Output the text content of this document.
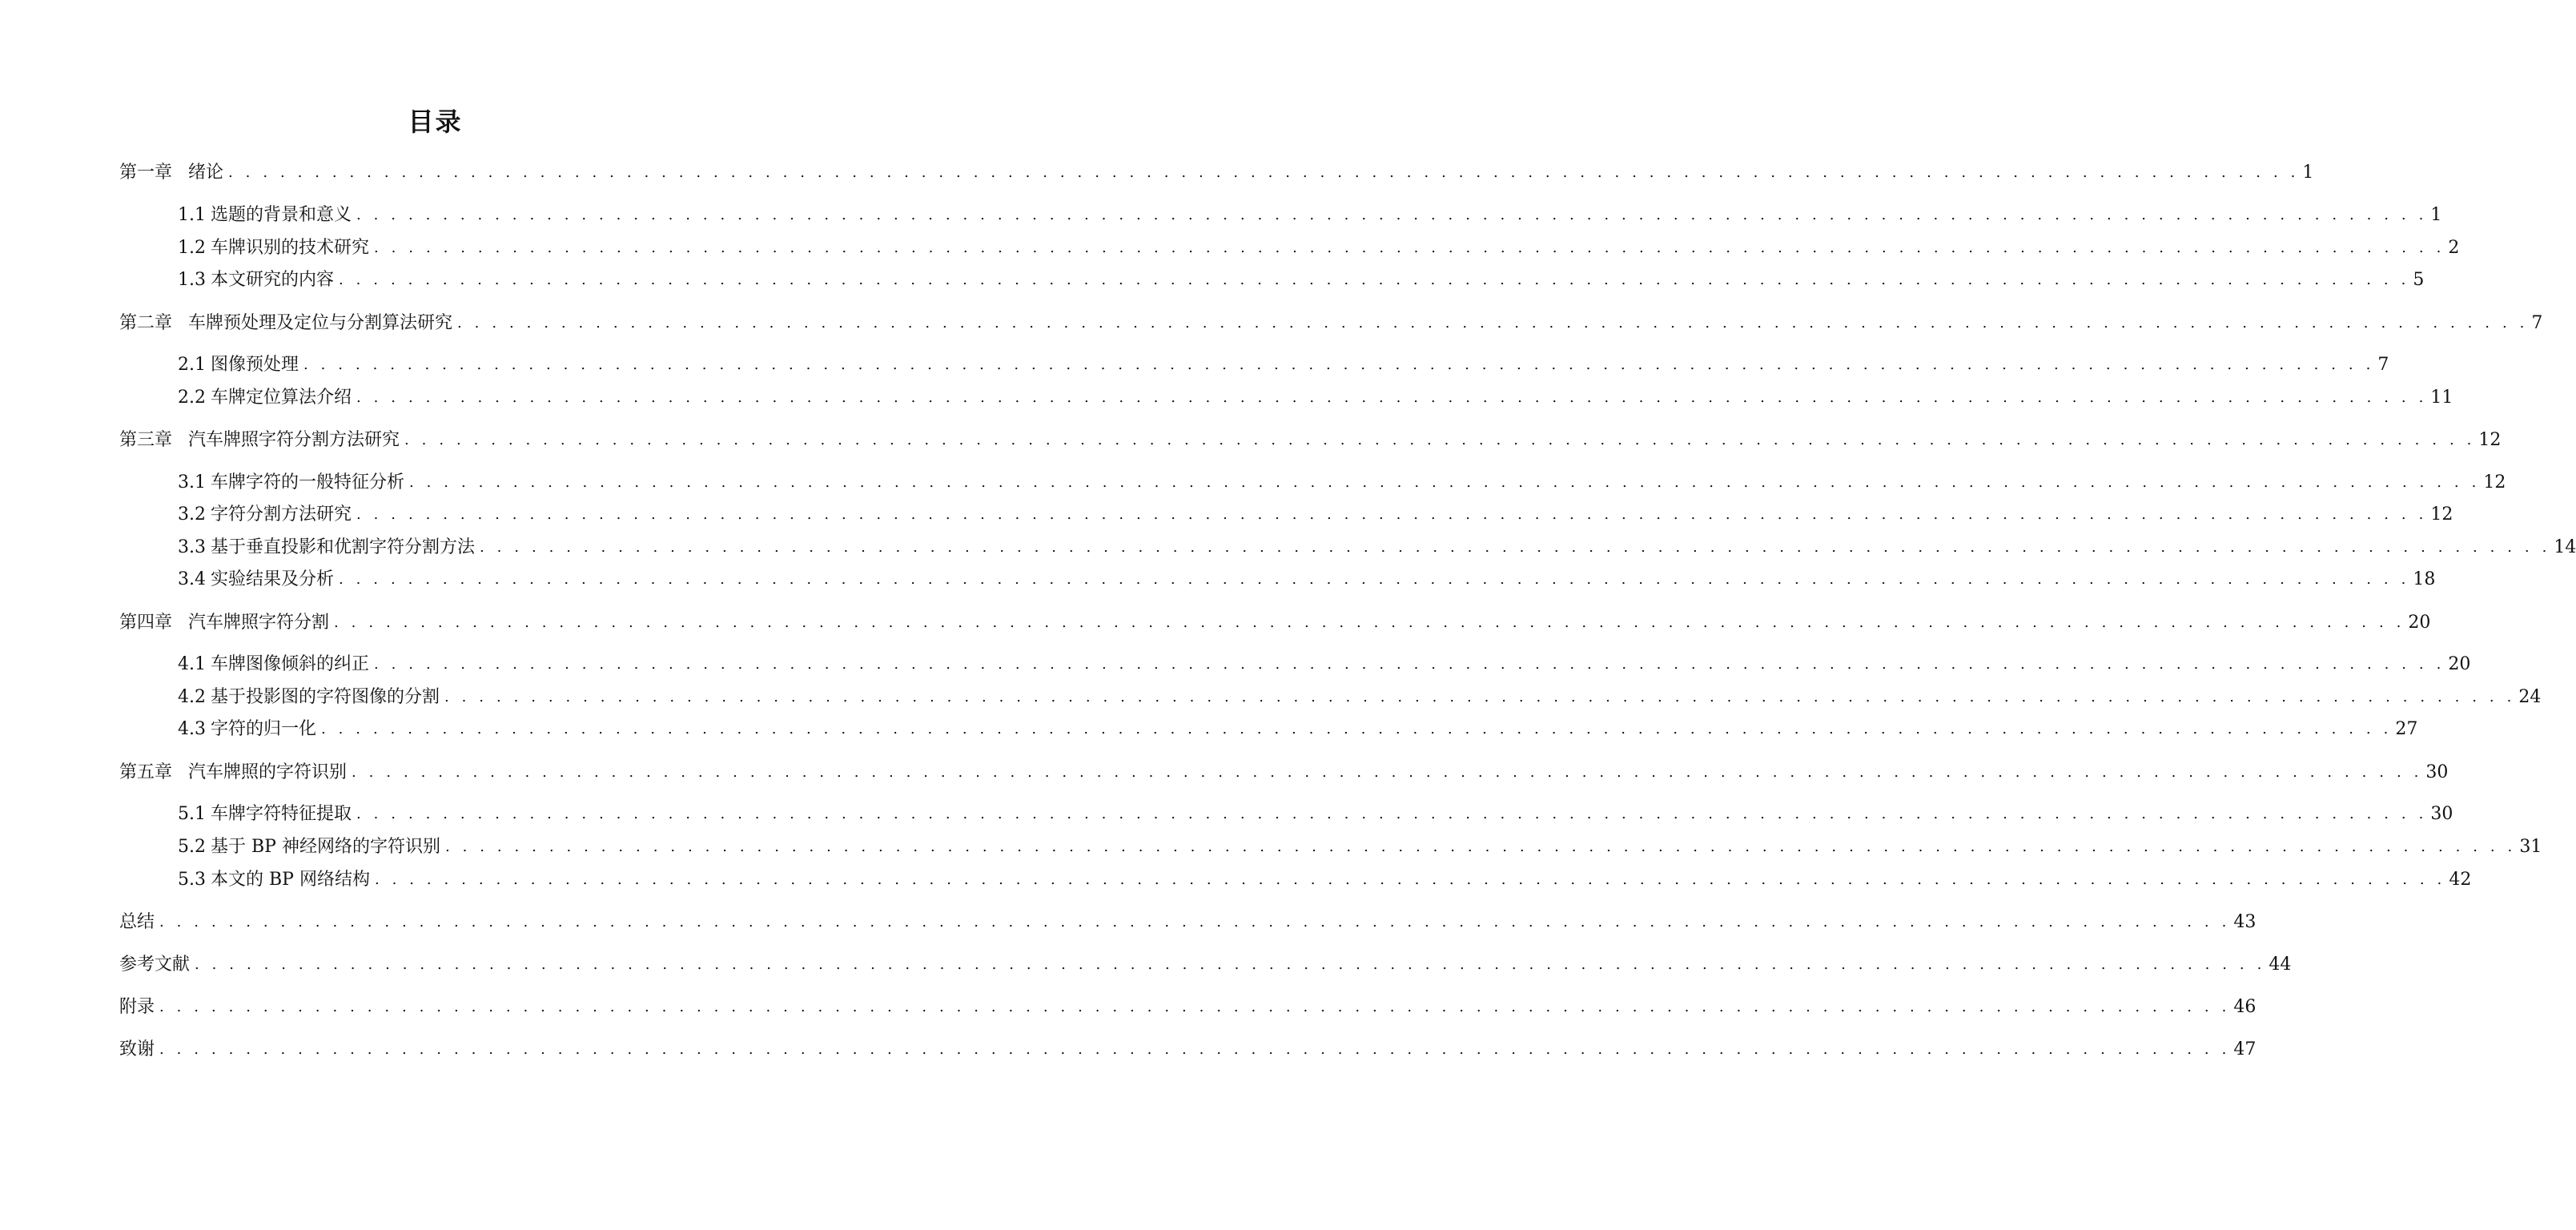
目录
第一章 绪论 . . . . . . . . . . . . . . . . . . . . . . . . . . . . . . . . . . . . . . . . . . . . . . . . . . . . . . . . . . . . . . . . . . . . . . . . . . . . . . . . . . . . . . . . . . . . . . . . . . . . . . . . . . . . . . . . . . . . . . . . 1
1.1 选题的背景和意义 . . . . . . . . . . . . . . . . . . . . . . . . . . . . . . . . . . . . . . . . . . . . . . . . . . . . . . . . . . . . . . . . . . . . . . . . . . . . . . . . . . . . . . . . . . . . . . . . . . . . . . . . . . . . . . . . . . . . . . . . 1
1.2 车牌识别的技术研究 . . . . . . . . . . . . . . . . . . . . . . . . . . . . . . . . . . . . . . . . . . . . . . . . . . . . . . . . . . . . . . . . . . . . . . . . . . . . . . . . . . . . . . . . . . . . . . . . . . . . . . . . . . . . . . . . . . . . . . . . 2
1.3 本文研究的内容 . . . . . . . . . . . . . . . . . . . . . . . . . . . . . . . . . . . . . . . . . . . . . . . . . . . . . . . . . . . . . . . . . . . . . . . . . . . . . . . . . . . . . . . . . . . . . . . . . . . . . . . . . . . . . . . . . . . . . . . . 5
第二章 车牌预处理及定位与分割算法研究 . . . . . . . . . . . . . . . . . . . . . . . . . . . . . . . . . . . . . . . . . . . . . . . . . . . . . . . . . . . . . . . . . . . . . . . . . . . . . . . . . . . . . . . . . . . . . . . . . . . . . . . . . . . . . . . . . . . . . . . . 7
2.1 图像预处理 . . . . . . . . . . . . . . . . . . . . . . . . . . . . . . . . . . . . . . . . . . . . . . . . . . . . . . . . . . . . . . . . . . . . . . . . . . . . . . . . . . . . . . . . . . . . . . . . . . . . . . . . . . . . . . . . . . . . . . . . 7
2.2 车牌定位算法介绍 . . . . . . . . . . . . . . . . . . . . . . . . . . . . . . . . . . . . . . . . . . . . . . . . . . . . . . . . . . . . . . . . . . . . . . . . . . . . . . . . . . . . . . . . . . . . . . . . . . . . . . . . . . . . . . . . . . . . . . . . 11
第三章 汽车牌照字符分割方法研究 . . . . . . . . . . . . . . . . . . . . . . . . . . . . . . . . . . . . . . . . . . . . . . . . . . . . . . . . . . . . . . . . . . . . . . . . . . . . . . . . . . . . . . . . . . . . . . . . . . . . . . . . . . . . . . . . . . . . . . . . 12
3.1 车牌字符的一般特征分析 . . . . . . . . . . . . . . . . . . . . . . . . . . . . . . . . . . . . . . . . . . . . . . . . . . . . . . . . . . . . . . . . . . . . . . . . . . . . . . . . . . . . . . . . . . . . . . . . . . . . . . . . . . . . . . . . . . . . . . . . 12
3.2 字符分割方法研究 . . . . . . . . . . . . . . . . . . . . . . . . . . . . . . . . . . . . . . . . . . . . . . . . . . . . . . . . . . . . . . . . . . . . . . . . . . . . . . . . . . . . . . . . . . . . . . . . . . . . . . . . . . . . . . . . . . . . . . . . 12
3.3 基于垂直投影和优割字符分割方法 . . . . . . . . . . . . . . . . . . . . . . . . . . . . . . . . . . . . . . . . . . . . . . . . . . . . . . . . . . . . . . . . . . . . . . . . . . . . . . . . . . . . . . . . . . . . . . . . . . . . . . . . . . . . . . . . . . . . . . . . 14
3.4 实验结果及分析 . . . . . . . . . . . . . . . . . . . . . . . . . . . . . . . . . . . . . . . . . . . . . . . . . . . . . . . . . . . . . . . . . . . . . . . . . . . . . . . . . . . . . . . . . . . . . . . . . . . . . . . . . . . . . . . . . . . . . . . . 18
第四章 汽车牌照字符分割 . . . . . . . . . . . . . . . . . . . . . . . . . . . . . . . . . . . . . . . . . . . . . . . . . . . . . . . . . . . . . . . . . . . . . . . . . . . . . . . . . . . . . . . . . . . . . . . . . . . . . . . . . . . . . . . . . . . . . . . . 20
4.1 车牌图像倾斜的纠正 . . . . . . . . . . . . . . . . . . . . . . . . . . . . . . . . . . . . . . . . . . . . . . . . . . . . . . . . . . . . . . . . . . . . . . . . . . . . . . . . . . . . . . . . . . . . . . . . . . . . . . . . . . . . . . . . . . . . . . . . 20
4.2 基于投影图的字符图像的分割 . . . . . . . . . . . . . . . . . . . . . . . . . . . . . . . . . . . . . . . . . . . . . . . . . . . . . . . . . . . . . . . . . . . . . . . . . . . . . . . . . . . . . . . . . . . . . . . . . . . . . . . . . . . . . . . . . . . . . . . . 24
4.3 字符的归一化 . . . . . . . . . . . . . . . . . . . . . . . . . . . . . . . . . . . . . . . . . . . . . . . . . . . . . . . . . . . . . . . . . . . . . . . . . . . . . . . . . . . . . . . . . . . . . . . . . . . . . . . . . . . . . . . . . . . . . . . . 27
第五章 汽车牌照的字符识别 . . . . . . . . . . . . . . . . . . . . . . . . . . . . . . . . . . . . . . . . . . . . . . . . . . . . . . . . . . . . . . . . . . . . . . . . . . . . . . . . . . . . . . . . . . . . . . . . . . . . . . . . . . . . . . . . . . . . . . . . 30
5.1 车牌字符特征提取 . . . . . . . . . . . . . . . . . . . . . . . . . . . . . . . . . . . . . . . . . . . . . . . . . . . . . . . . . . . . . . . . . . . . . . . . . . . . . . . . . . . . . . . . . . . . . . . . . . . . . . . . . . . . . . . . . . . . . . . . 30
5.2 基于 BP 神经网络的字符识别 . . . . . . . . . . . . . . . . . . . . . . . . . . . . . . . . . . . . . . . . . . . . . . . . . . . . . . . . . . . . . . . . . . . . . . . . . . . . . . . . . . . . . . . . . . . . . . . . . . . . . . . . . . . . . . . . . . . . . . . . 31
5.3 本文的 BP 网络结构 . . . . . . . . . . . . . . . . . . . . . . . . . . . . . . . . . . . . . . . . . . . . . . . . . . . . . . . . . . . . . . . . . . . . . . . . . . . . . . . . . . . . . . . . . . . . . . . . . . . . . . . . . . . . . . . . . . . . . . . . 42
总结 . . . . . . . . . . . . . . . . . . . . . . . . . . . . . . . . . . . . . . . . . . . . . . . . . . . . . . . . . . . . . . . . . . . . . . . . . . . . . . . . . . . . . . . . . . . . . . . . . . . . . . . . . . . . . . . . . . . . . . . . 43
参考文献 . . . . . . . . . . . . . . . . . . . . . . . . . . . . . . . . . . . . . . . . . . . . . . . . . . . . . . . . . . . . . . . . . . . . . . . . . . . . . . . . . . . . . . . . . . . . . . . . . . . . . . . . . . . . . . . . . . . . . . . . 44
附录 . . . . . . . . . . . . . . . . . . . . . . . . . . . . . . . . . . . . . . . . . . . . . . . . . . . . . . . . . . . . . . . . . . . . . . . . . . . . . . . . . . . . . . . . . . . . . . . . . . . . . . . . . . . . . . . . . . . . . . . . 46
致谢 . . . . . . . . . . . . . . . . . . . . . . . . . . . . . . . . . . . . . . . . . . . . . . . . . . . . . . . . . . . . . . . . . . . . . . . . . . . . . . . . . . . . . . . . . . . . . . . . . . . . . . . . . . . . . . . . . . . . . . . . 47
